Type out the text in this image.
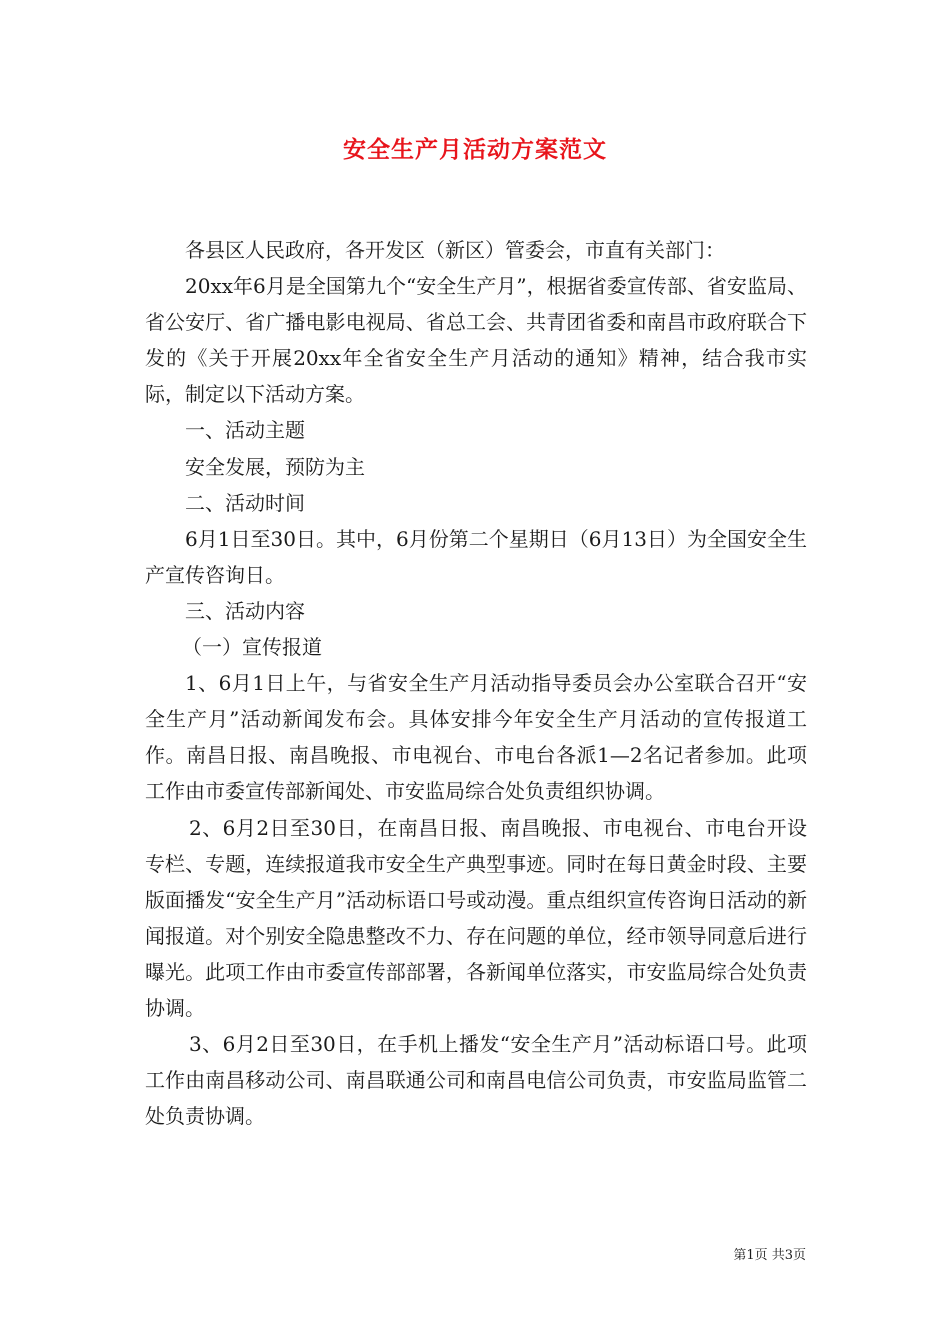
安全生产月活动方案范文

各县区人民政府，各开发区（新区）管委会，市直有关部门：

20xx年6月是全国第九个“安全生产月”，根据省委宣传部、省安监局、省公安厅、省广播电影电视局、省总工会、共青团省委和南昌市政府联合下发的《关于开展20xx年全省安全生产月活动的通知》精神，结合我市实际，制定以下活动方案。

一、活动主题

安全发展，预防为主

二、活动时间

6月1日至30日。其中，6月份第二个星期日（6月13日）为全国安全生产宣传咨询日。

三、活动内容

（一）宣传报道

1、6月1日上午，与省安全生产月活动指导委员会办公室联合召开“安全生产月”活动新闻发布会。具体安排今年安全生产月活动的宣传报道工作。南昌日报、南昌晚报、市电视台、市电台各派1—2名记者参加。此项工作由市委宣传部新闻处、市安监局综合处负责组织协调。

2、6月2日至30日，在南昌日报、南昌晚报、市电视台、市电台开设专栏、专题，连续报道我市安全生产典型事迹。同时在每日黄金时段、主要版面播发“安全生产月”活动标语口号或动漫。重点组织宣传咨询日活动的新闻报道。对个别安全隐患整改不力、存在问题的单位，经市领导同意后进行曝光。此项工作由市委宣传部部署，各新闻单位落实，市安监局综合处负责协调。

3、6月2日至30日，在手机上播发“安全生产月”活动标语口号。此项工作由南昌移动公司、南昌联通公司和南昌电信公司负责，市安监局监管二处负责协调。

第1页 共3页
